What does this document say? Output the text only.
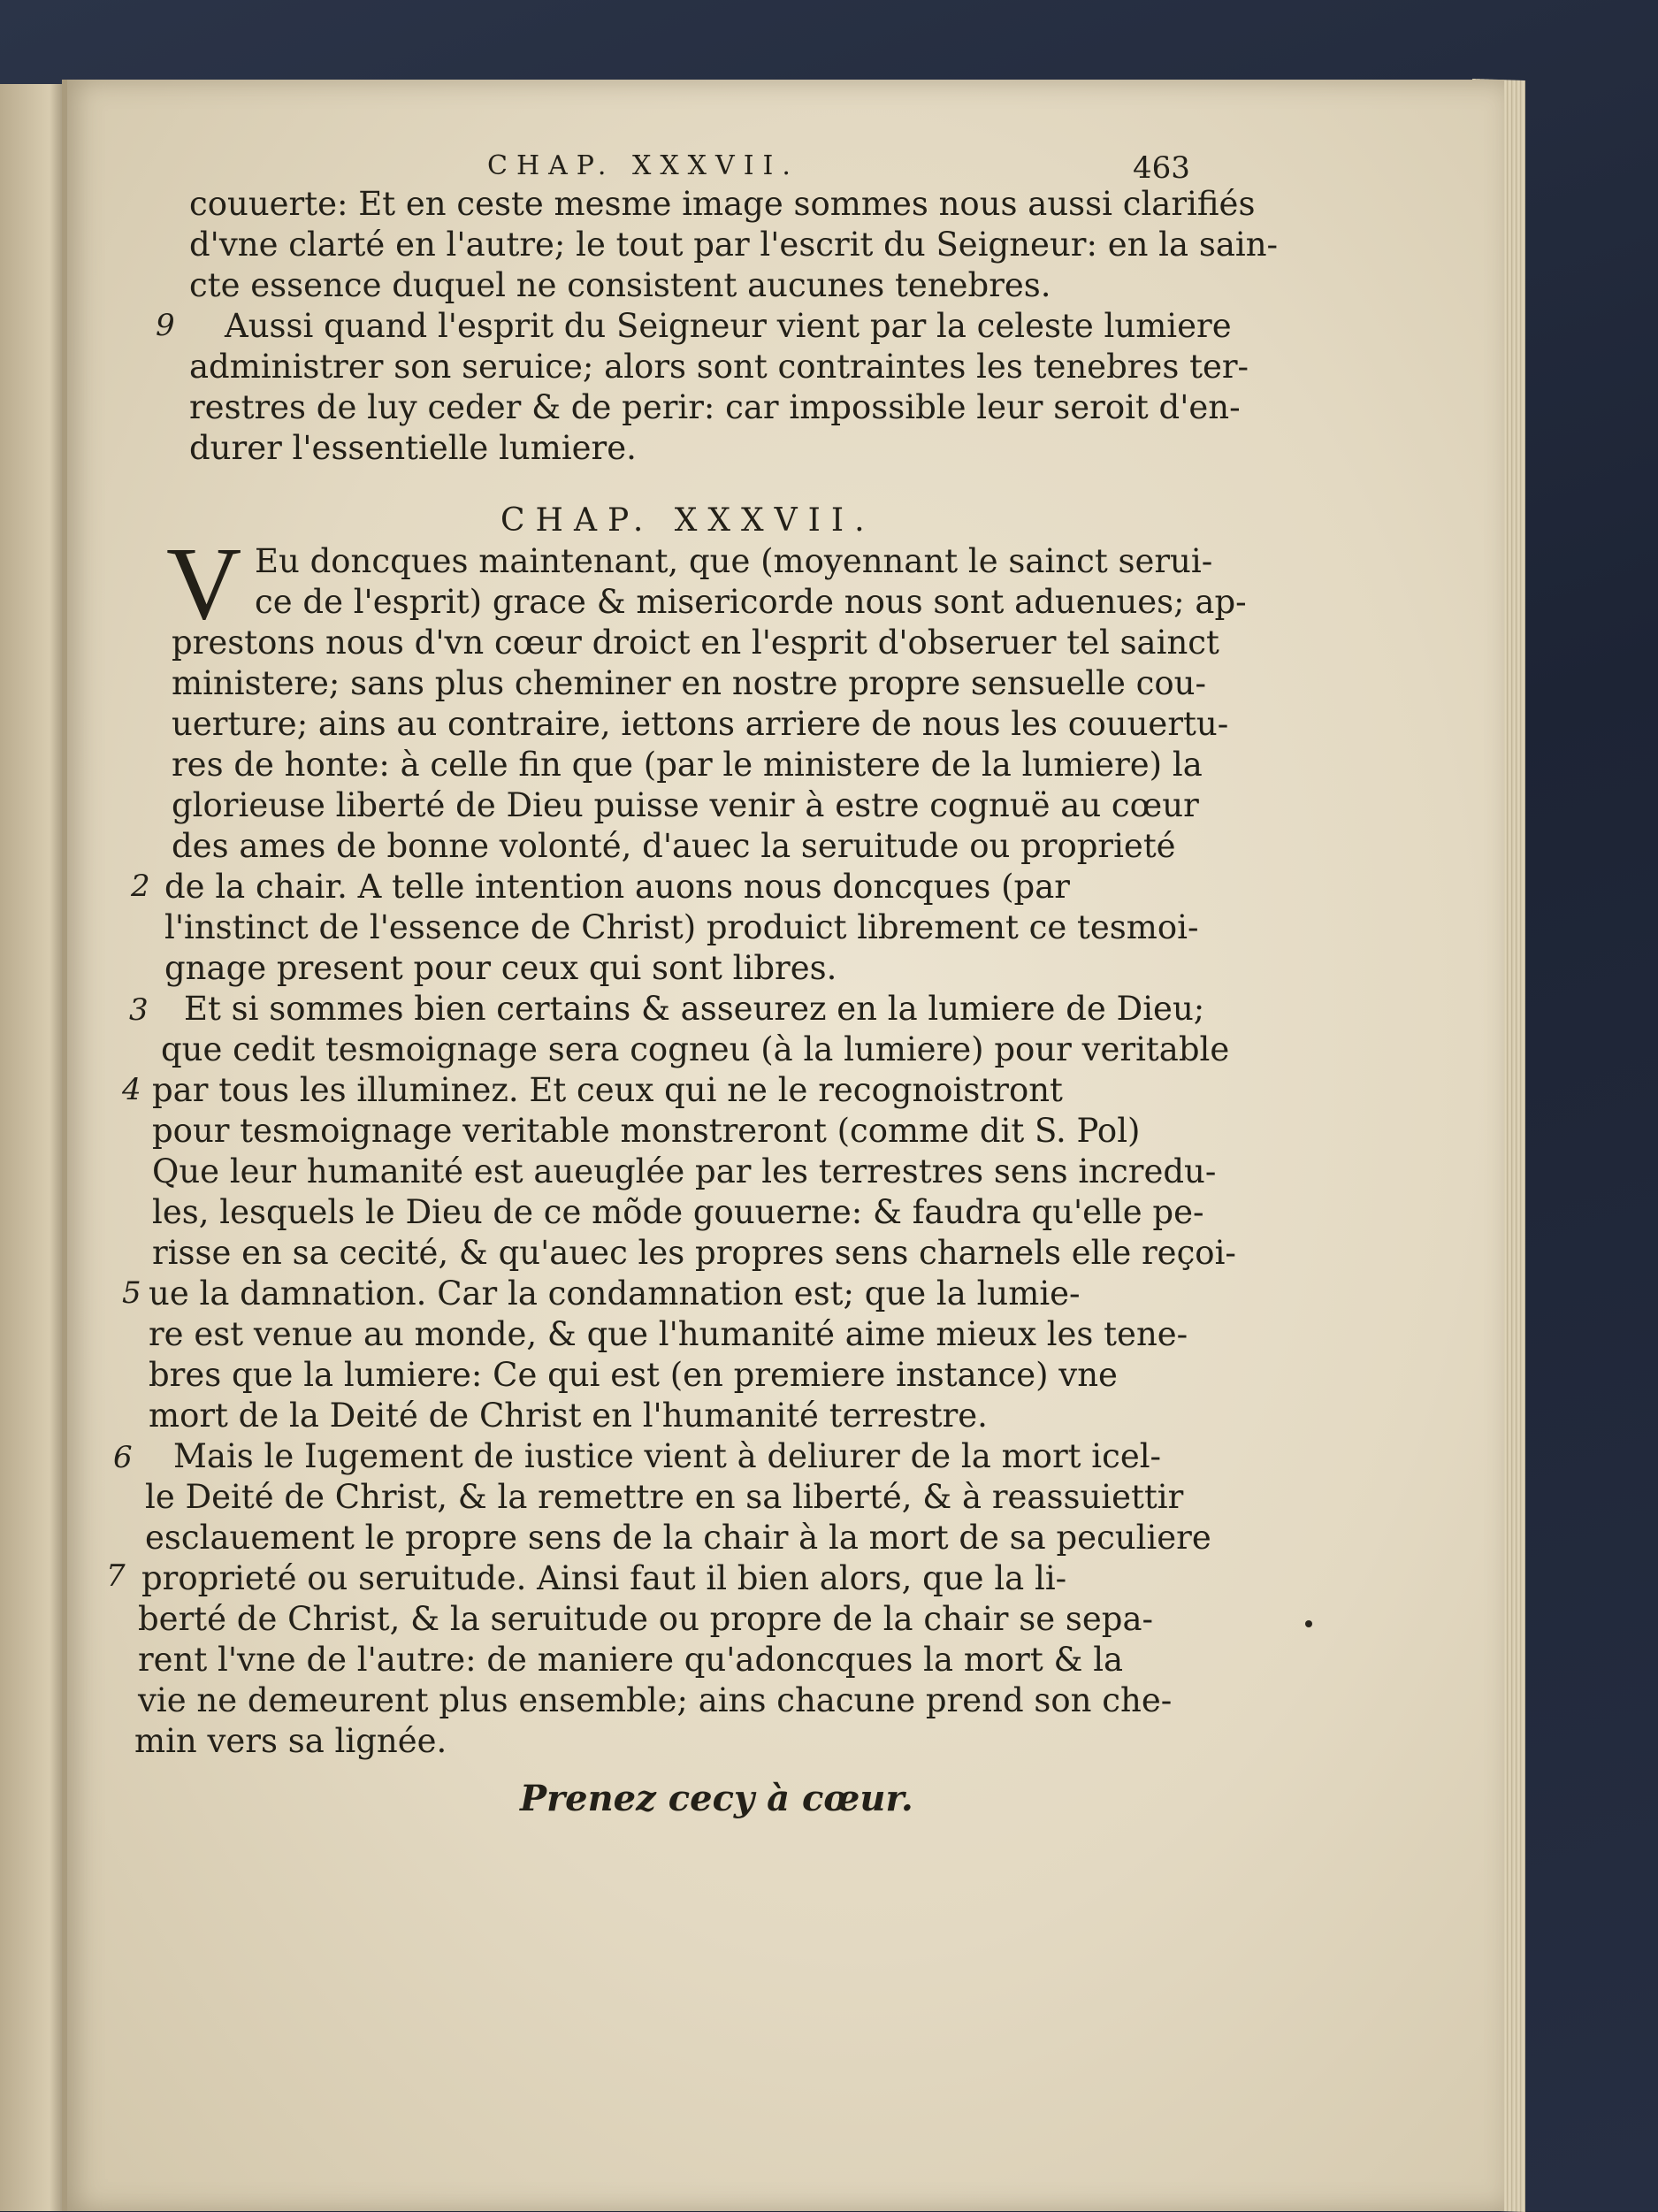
CHAP. XXXVII.	463
couuerte: Et en ceste mesme image sommes nous aussi clarifiés
d'vne clarté en l'autre; le tout par l'escrit du Seigneur: en la sain-
cte essence duquel ne consistent aucunes tenebres.
9 Aussi quand l'esprit du Seigneur vient par la celeste lumiere
administrer son seruice; alors sont contraintes les tenebres ter-
restres de luy ceder & de perir: car impossible leur seroit d'en-
durer l'essentielle lumiere.
CHAP. XXXVII.
V Eu doncques maintenant, que (moyennant le sainct serui-
ce de l'esprit) grace & misericorde nous sont aduenues; ap-
prestons nous d'vn cœur droict en l'esprit d'obseruer tel sainct
ministere; sans plus cheminer en nostre propre sensuelle cou-
uerture; ains au contraire, iettons arriere de nous les couuertu-
res de honte: à celle fin que (par le ministere de la lumiere) la
glorieuse liberté de Dieu puisse venir à estre cognuë au cœur
des ames de bonne volonté, d'auec la seruitude ou proprieté
2 de la chair. A telle intention auons nous doncques (par
l'instinct de l'essence de Christ) produict librement ce tesmoi-
gnage present pour ceux qui sont libres.
3 Et si sommes bien certains & asseurez en la lumiere de Dieu;
que cedit tesmoignage sera cogneu (à la lumiere) pour veritable
4 par tous les illuminez. Et ceux qui ne le recognoistront
pour tesmoignage veritable monstreront (comme dit S. Pol)
Que leur humanité est aueuglée par les terrestres sens incredu-
les, lesquels le Dieu de ce mõde gouuerne: & faudra qu'elle pe-
risse en sa cecité, & qu'auec les propres sens charnels elle reçoi-
5 ue la damnation. Car la condamnation est; que la lumie-
re est venue au monde, & que l'humanité aime mieux les tene-
bres que la lumiere: Ce qui est (en premiere instance) vne
mort de la Deité de Christ en l'humanité terrestre.
6 Mais le Iugement de iustice vient à deliurer de la mort icel-
le Deité de Christ, & la remettre en sa liberté, & à reassuiettir
esclauement le propre sens de la chair à la mort de sa peculiere
7 proprieté ou seruitude. Ainsi faut il bien alors, que la li-
berté de Christ, & la seruitude ou propre de la chair se sepa-
rent l'vne de l'autre: de maniere qu'adoncques la mort & la
vie ne demeurent plus ensemble; ains chacune prend son che-
min vers sa lignée.
Prenez cecy à cœur.
